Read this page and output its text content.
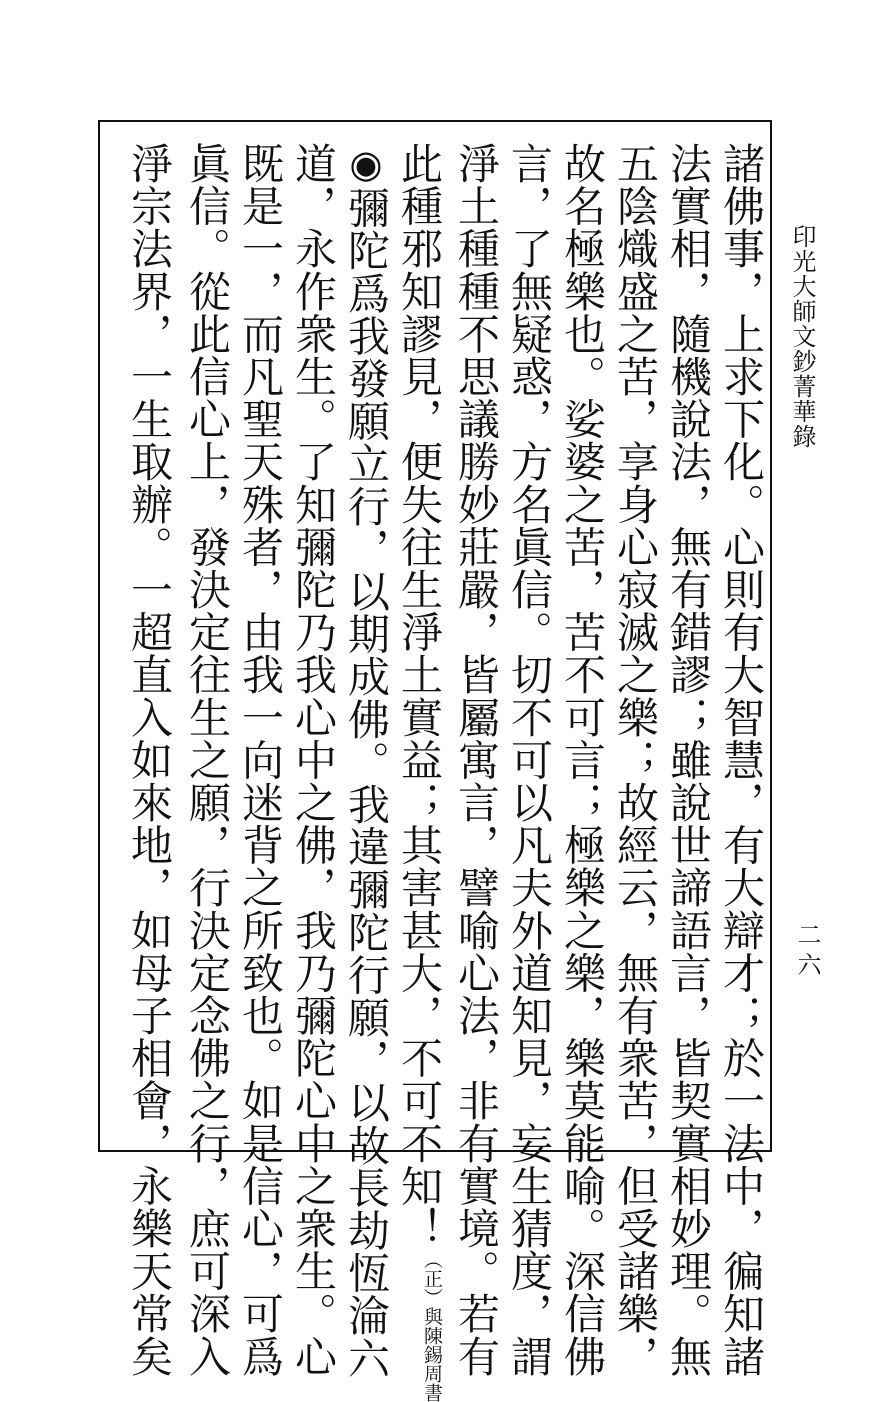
印光大師文鈔菁華錄
二六
諸佛事，上求下化。心則有大智慧，有大辯才；於一法中，徧知諸
法實相，隨機說法，無有錯謬；雖說世諦語言，皆契實相妙理。無
五陰熾盛之苦，享身心寂滅之樂；故經云，無有衆苦，但受諸樂，
故名極樂也。娑婆之苦，苦不可言；極樂之樂，樂莫能喻。深信佛
言，了無疑惑，方名眞信。切不可以凡夫外道知見，妄生猜度，謂
淨土種種不思議勝妙莊嚴，皆屬寓言，譬喻心法，非有實境。若有
此種邪知謬見，便失往生淨土實益；其害甚大，不可不知！（正）與陳錫周書
◉彌陀爲我發願立行，以期成佛。我違彌陀行願，以故長劫恆淪六
道，永作衆生。了知彌陀乃我心中之佛，我乃彌陀心中之衆生。心
既是一，而凡聖天殊者，由我一向迷背之所致也。如是信心，可爲
眞信。從此信心上，發決定往生之願，行決定念佛之行，庶可深入
淨宗法界，一生取辦。一超直入如來地，如母子相會，永樂天常矣
